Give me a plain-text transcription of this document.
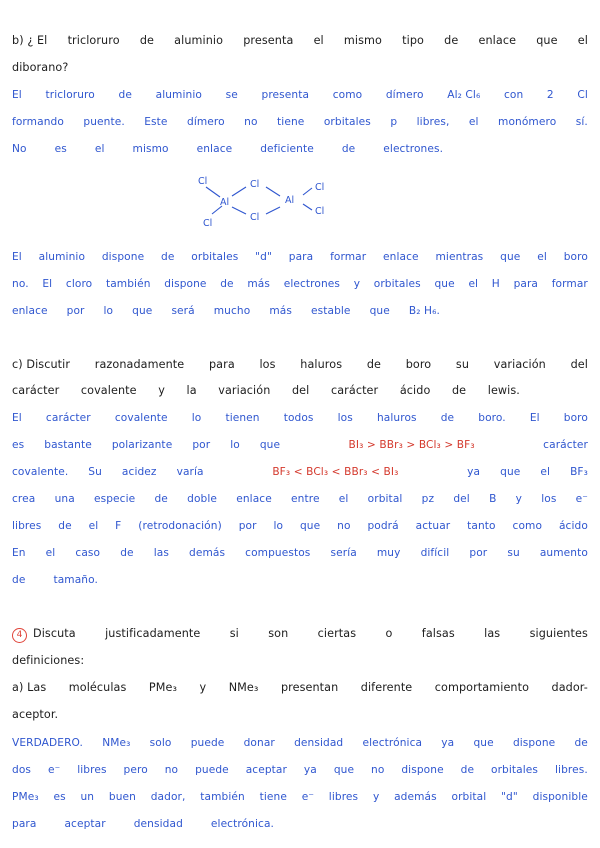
b) ¿ El tricloruro de aluminio presenta el mismo tipo de enlace que el
diborano?
El tricloruro de aluminio se presenta como dímero Al₂ Cl₆ con 2 Cl
formando puente. Este dímero no tiene orbitales p libres, el monómero sí.
No	es	el	mismo	enlace	deficiente	de	electrones.
Cl
Cl
Al
Cl
Cl
Al
Cl
Cl
El aluminio dispone de orbitales "d" para formar enlace mientras que el boro
no. El cloro también dispone de más electrones y orbitales que el H para formar
enlace por lo que será mucho más estable que B₂ H₆.
c) Discutir razonadamente para los haluros de boro su variación del
carácter covalente y la variación del carácter ácido de lewis.
El carácter covalente lo tienen todos los haluros de boro. El boro
es bastante polarizante por lo que	BI₃ > BBr₃ > BCl₃ > BF₃	carácter
covalente. Su acidez varía	BF₃ < BCl₃ < BBr₃ < BI₃	ya que el BF₃
crea una especie de doble enlace entre el orbital pz del B y los e⁻
libres de el F (retrodonación) por lo que no podrá actuar tanto como ácido
En el caso de las demás compuestos sería muy difícil por su aumento
de	tamaño.
4 Discuta	justificadamente	si	son	ciertas	o	falsas	las	siguientes
definiciones:
a) Las moléculas PMe₃ y NMe₃ presentan diferente comportamiento dador-
aceptor.
VERDADERO. NMe₃ solo puede donar densidad electrónica ya que dispone de
dos e⁻ libres pero no puede aceptar ya que no dispone de orbitales libres.
PMe₃ es un buen dador, también tiene e⁻ libres y además orbital "d" disponible
para	aceptar	densidad	electrónica.
